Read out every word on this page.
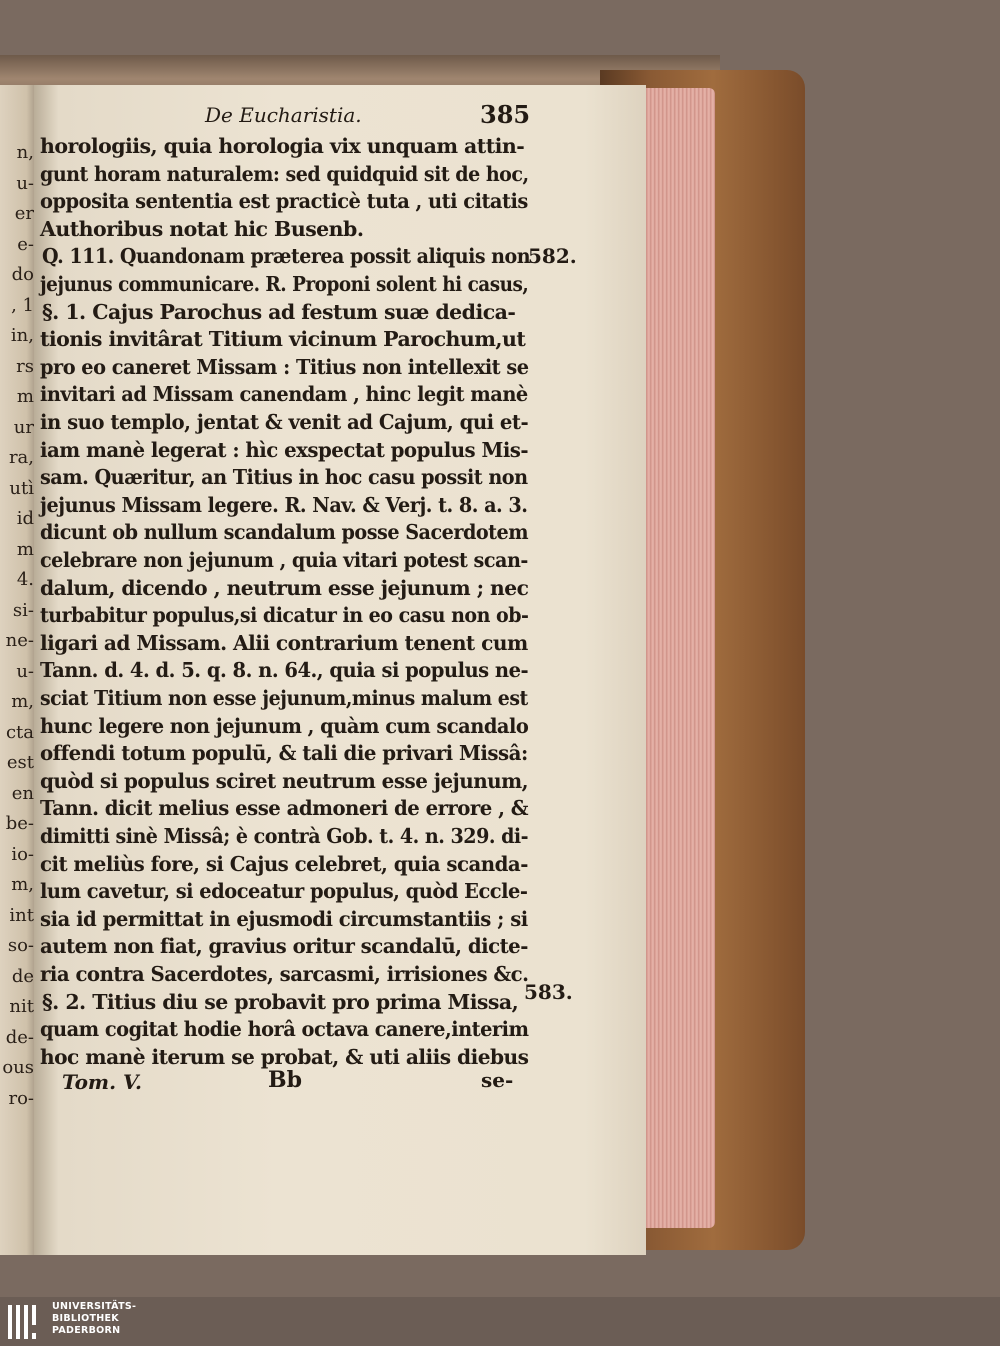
n,
u-
er
e-
do
, 1
in,
rs
m
ur
ra,
utì
id
m
4.
si-
ne-
u-
m,
cta
est
en
be-
io-
m,
int
so-
de
nit
de-
ous
ro-
De Eucharistia.	385
horologiis, quia horologia vix unquam attin-
gunt horam naturalem: sed quidquid sit de hoc,
opposita sententia est practicè tuta , uti citatis
Authoribus notat hic Busenb.
Q. 111. Quandonam præterea possit aliquis non
jejunus communicare. R. Proponi solent hi casus,
§. 1. Cajus Parochus ad festum suæ dedica-
tionis invitârat Titium vicinum Parochum,ut
pro eo caneret Missam : Titius non intellexit se
invitari ad Missam canendam , hinc legit manè
in suo templo, jentat & venit ad Cajum, qui et-
iam manè legerat : hìc exspectat populus Mis-
sam. Quæritur, an Titius in hoc casu possit non
jejunus Missam legere. R. Nav. & Verj. t. 8. a. 3.
dicunt ob nullum scandalum posse Sacerdotem
celebrare non jejunum , quia vitari potest scan-
dalum, dicendo , neutrum esse jejunum ; nec
turbabitur populus,si dicatur in eo casu non ob-
ligari ad Missam. Alii contrarium tenent cum
Tann. d. 4. d. 5. q. 8. n. 64., quia si populus ne-
sciat Titium non esse jejunum,minus malum est
hunc legere non jejunum , quàm cum scandalo
offendi totum populū, & tali die privari Missâ:
quòd si populus sciret neutrum esse jejunum,
Tann. dicit melius esse admoneri de errore , &
dimitti sinè Missâ; è contrà Gob. t. 4. n. 329. di-
cit meliùs fore, si Cajus celebret, quia scanda-
lum cavetur, si edoceatur populus, quòd Eccle-
sia id permittat in ejusmodi circumstantiis ; si
autem non fiat, gravius oritur scandalū, dicte-
ria contra Sacerdotes, sarcasmi, irrisiones &c.
§. 2. Titius diu se probavit pro prima Missa,
quam cogitat hodie horâ octava canere,interim
hoc manè iterum se probat, & uti aliis diebus
582.
583.
Tom. V.	Bb	se-
UNIVERSITÄTS-
BIBLIOTHEK
PADERBORN
